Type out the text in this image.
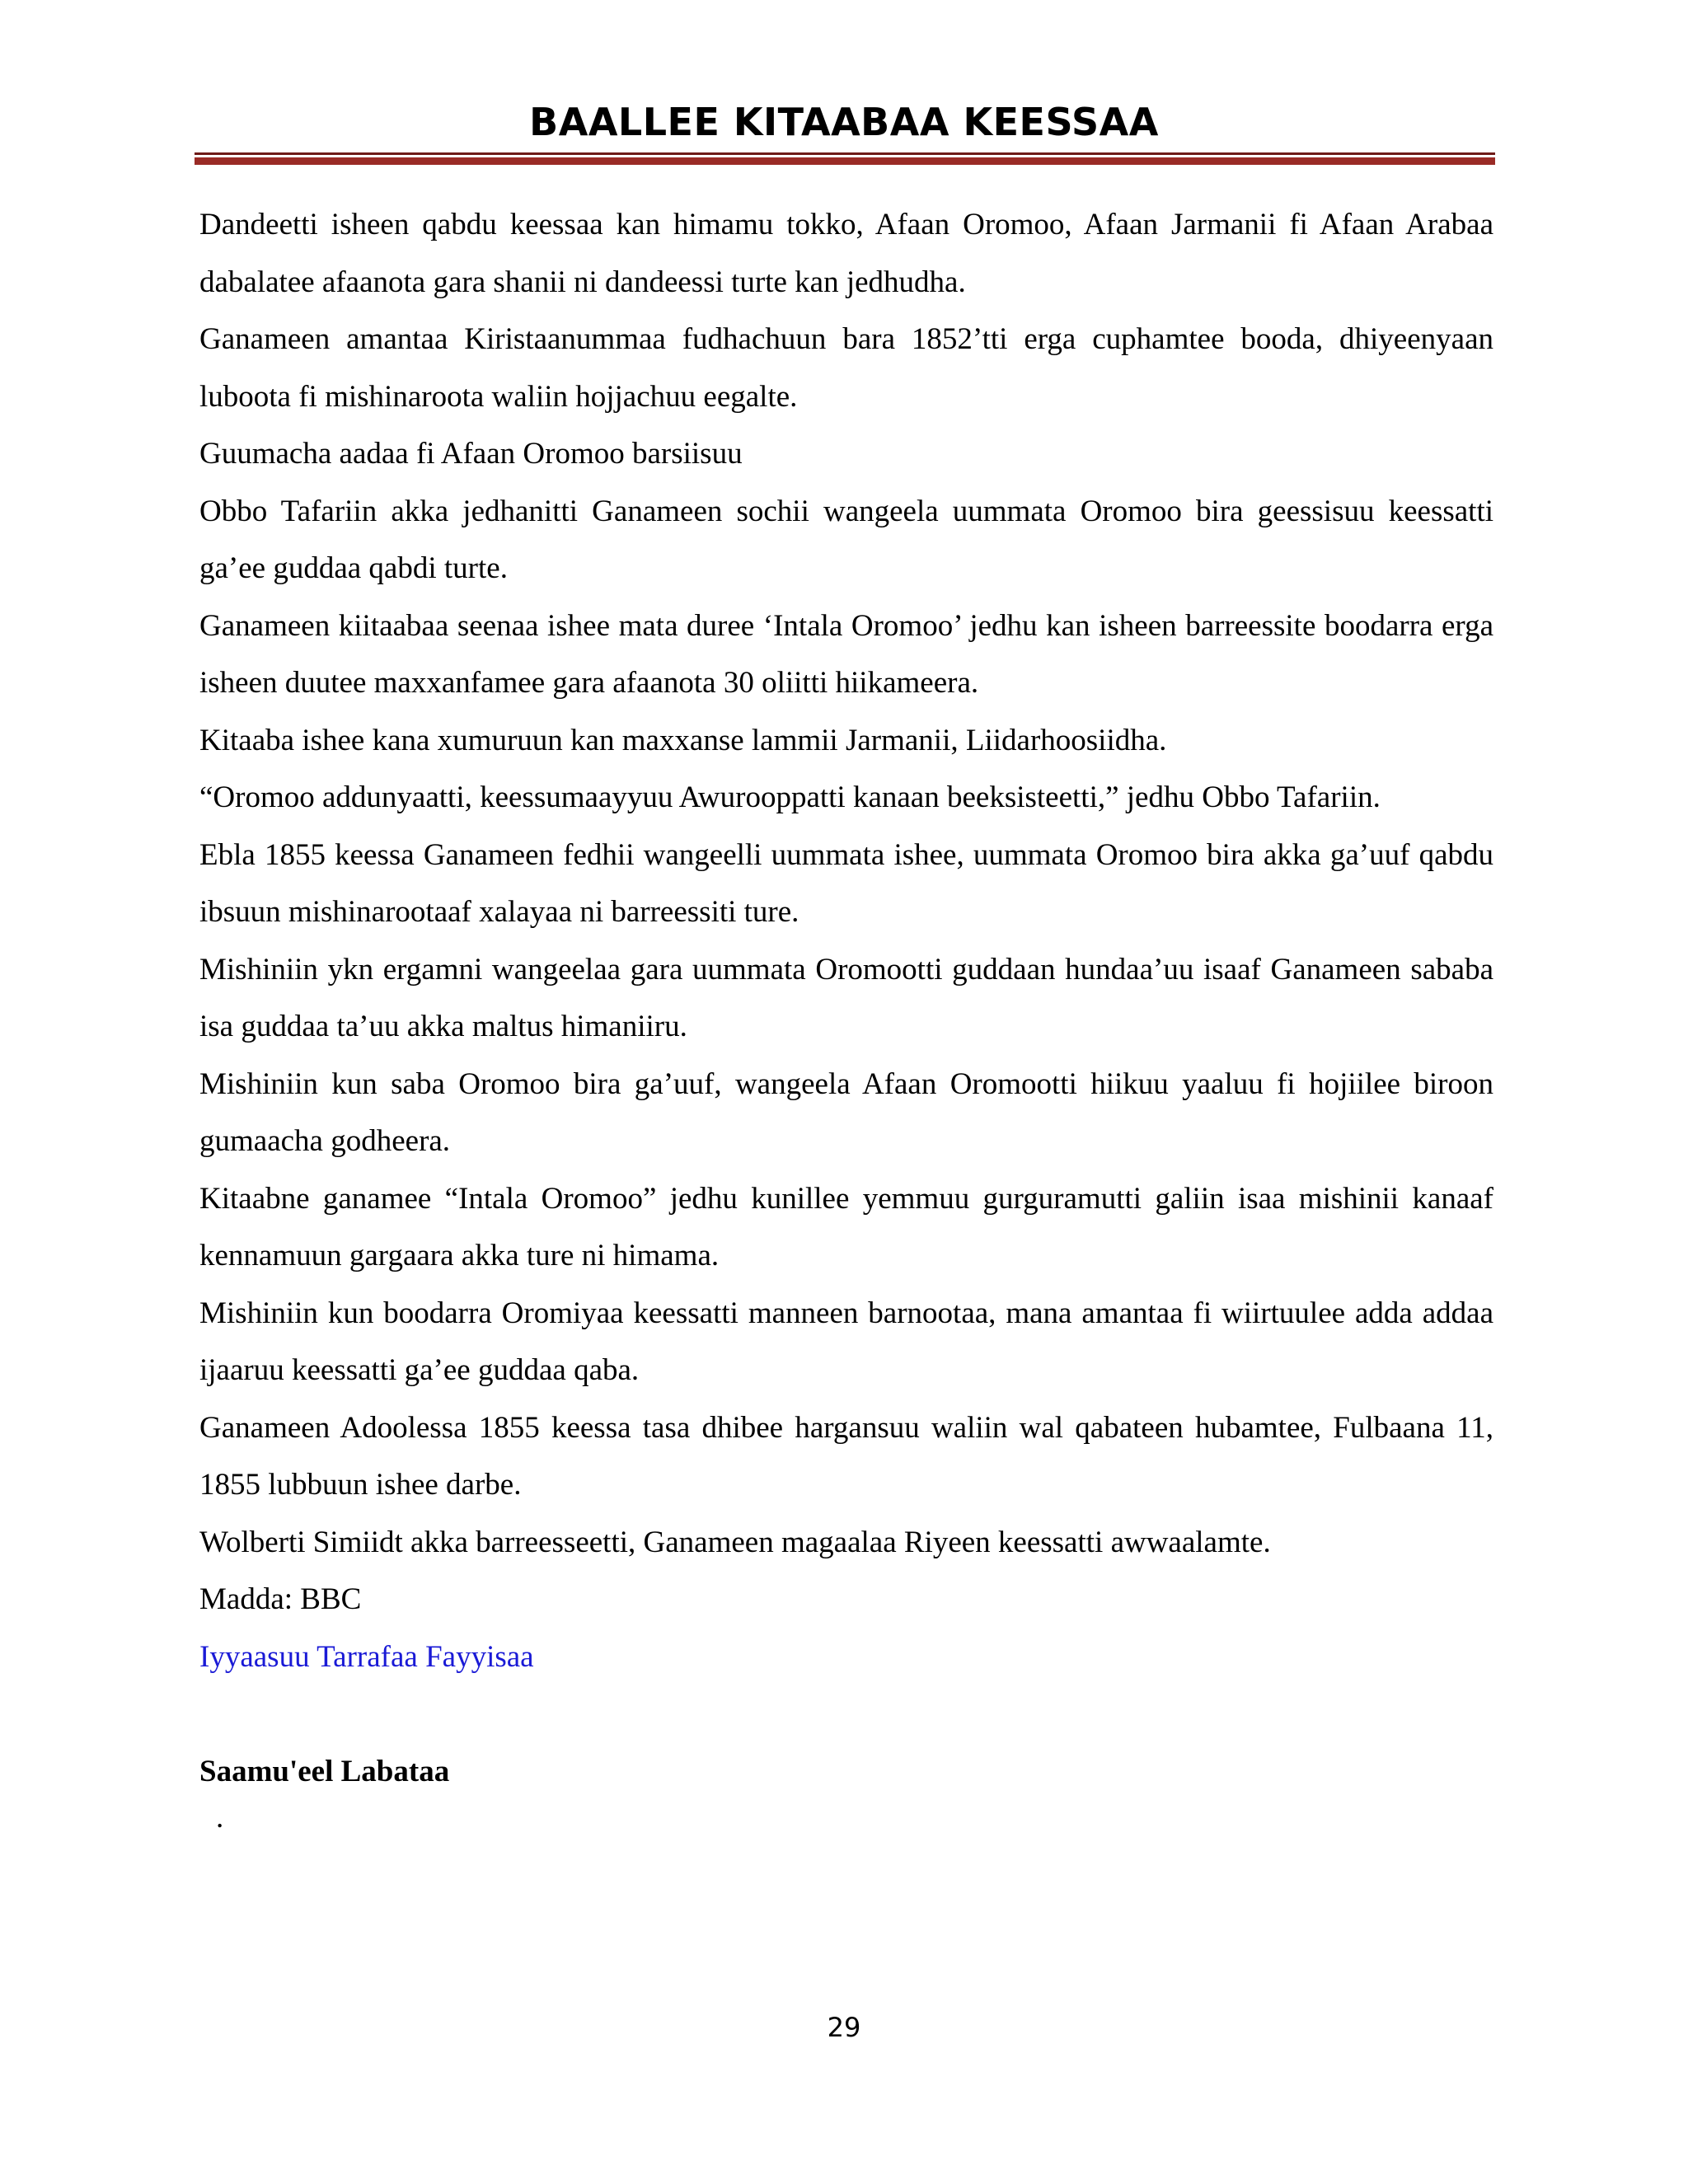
BAALLEE KITAABAA KEESSAA

Dandeetti isheen qabdu keessaa kan himamu tokko, Afaan Oromoo, Afaan Jarmanii fi Afaan Arabaa dabalatee afaanota gara shanii ni dandeessi turte kan jedhudha.

Ganameen amantaa Kiristaanummaa fudhachuun bara 1852’tti erga cuphamtee booda, dhiyeenyaan luboota fi mishinaroota waliin hojjachuu eegalte.

Guumacha aadaa fi Afaan Oromoo barsiisuu

Obbo Tafariin akka jedhanitti Ganameen sochii wangeela uummata Oromoo bira geessisuu keessatti ga’ee guddaa qabdi turte.

Ganameen kiitaabaa seenaa ishee mata duree ‘Intala Oromoo’ jedhu kan isheen barreessite boodarra erga isheen duutee maxxanfamee gara afaanota 30 oliitti hiikameera.

Kitaaba ishee kana xumuruun kan maxxanse lammii Jarmanii, Liidarhoosiidha.

“Oromoo addunyaatti, keessumaayyuu Awurooppatti kanaan beeksisteetti,” jedhu Obbo Tafariin.

Ebla 1855 keessa Ganameen fedhii wangeelli uummata ishee, uummata Oromoo bira akka ga’uuf qabdu ibsuun mishinarootaaf xalayaa ni barreessiti ture.

Mishiniin ykn ergamni wangeelaa gara uummata Oromootti guddaan hundaa’uu isaaf Ganameen sababa isa guddaa ta’uu akka maltus himaniiru.

Mishiniin kun saba Oromoo bira ga’uuf, wangeela Afaan Oromootti hiikuu yaaluu fi hojiilee biroon gumaacha godheera.

Kitaabne ganamee “Intala Oromoo” jedhu kunillee yemmuu gurguramutti galiin isaa mishinii kanaaf kennamuun gargaara akka ture ni himama.

Mishiniin kun boodarra Oromiyaa keessatti manneen barnootaa, mana amantaa fi wiirtuulee adda addaa ijaaruu keessatti ga’ee guddaa qaba.

Ganameen Adoolessa 1855 keessa tasa dhibee hargansuu waliin wal qabateen hubamtee, Fulbaana 11, 1855 lubbuun ishee darbe.

Wolberti Simiidt akka barreesseetti, Ganameen magaalaa Riyeen keessatti awwaalamte.

Madda: BBC

Iyyaasuu Tarrafaa Fayyisaa

Saamu'eel Labataa
.
29
